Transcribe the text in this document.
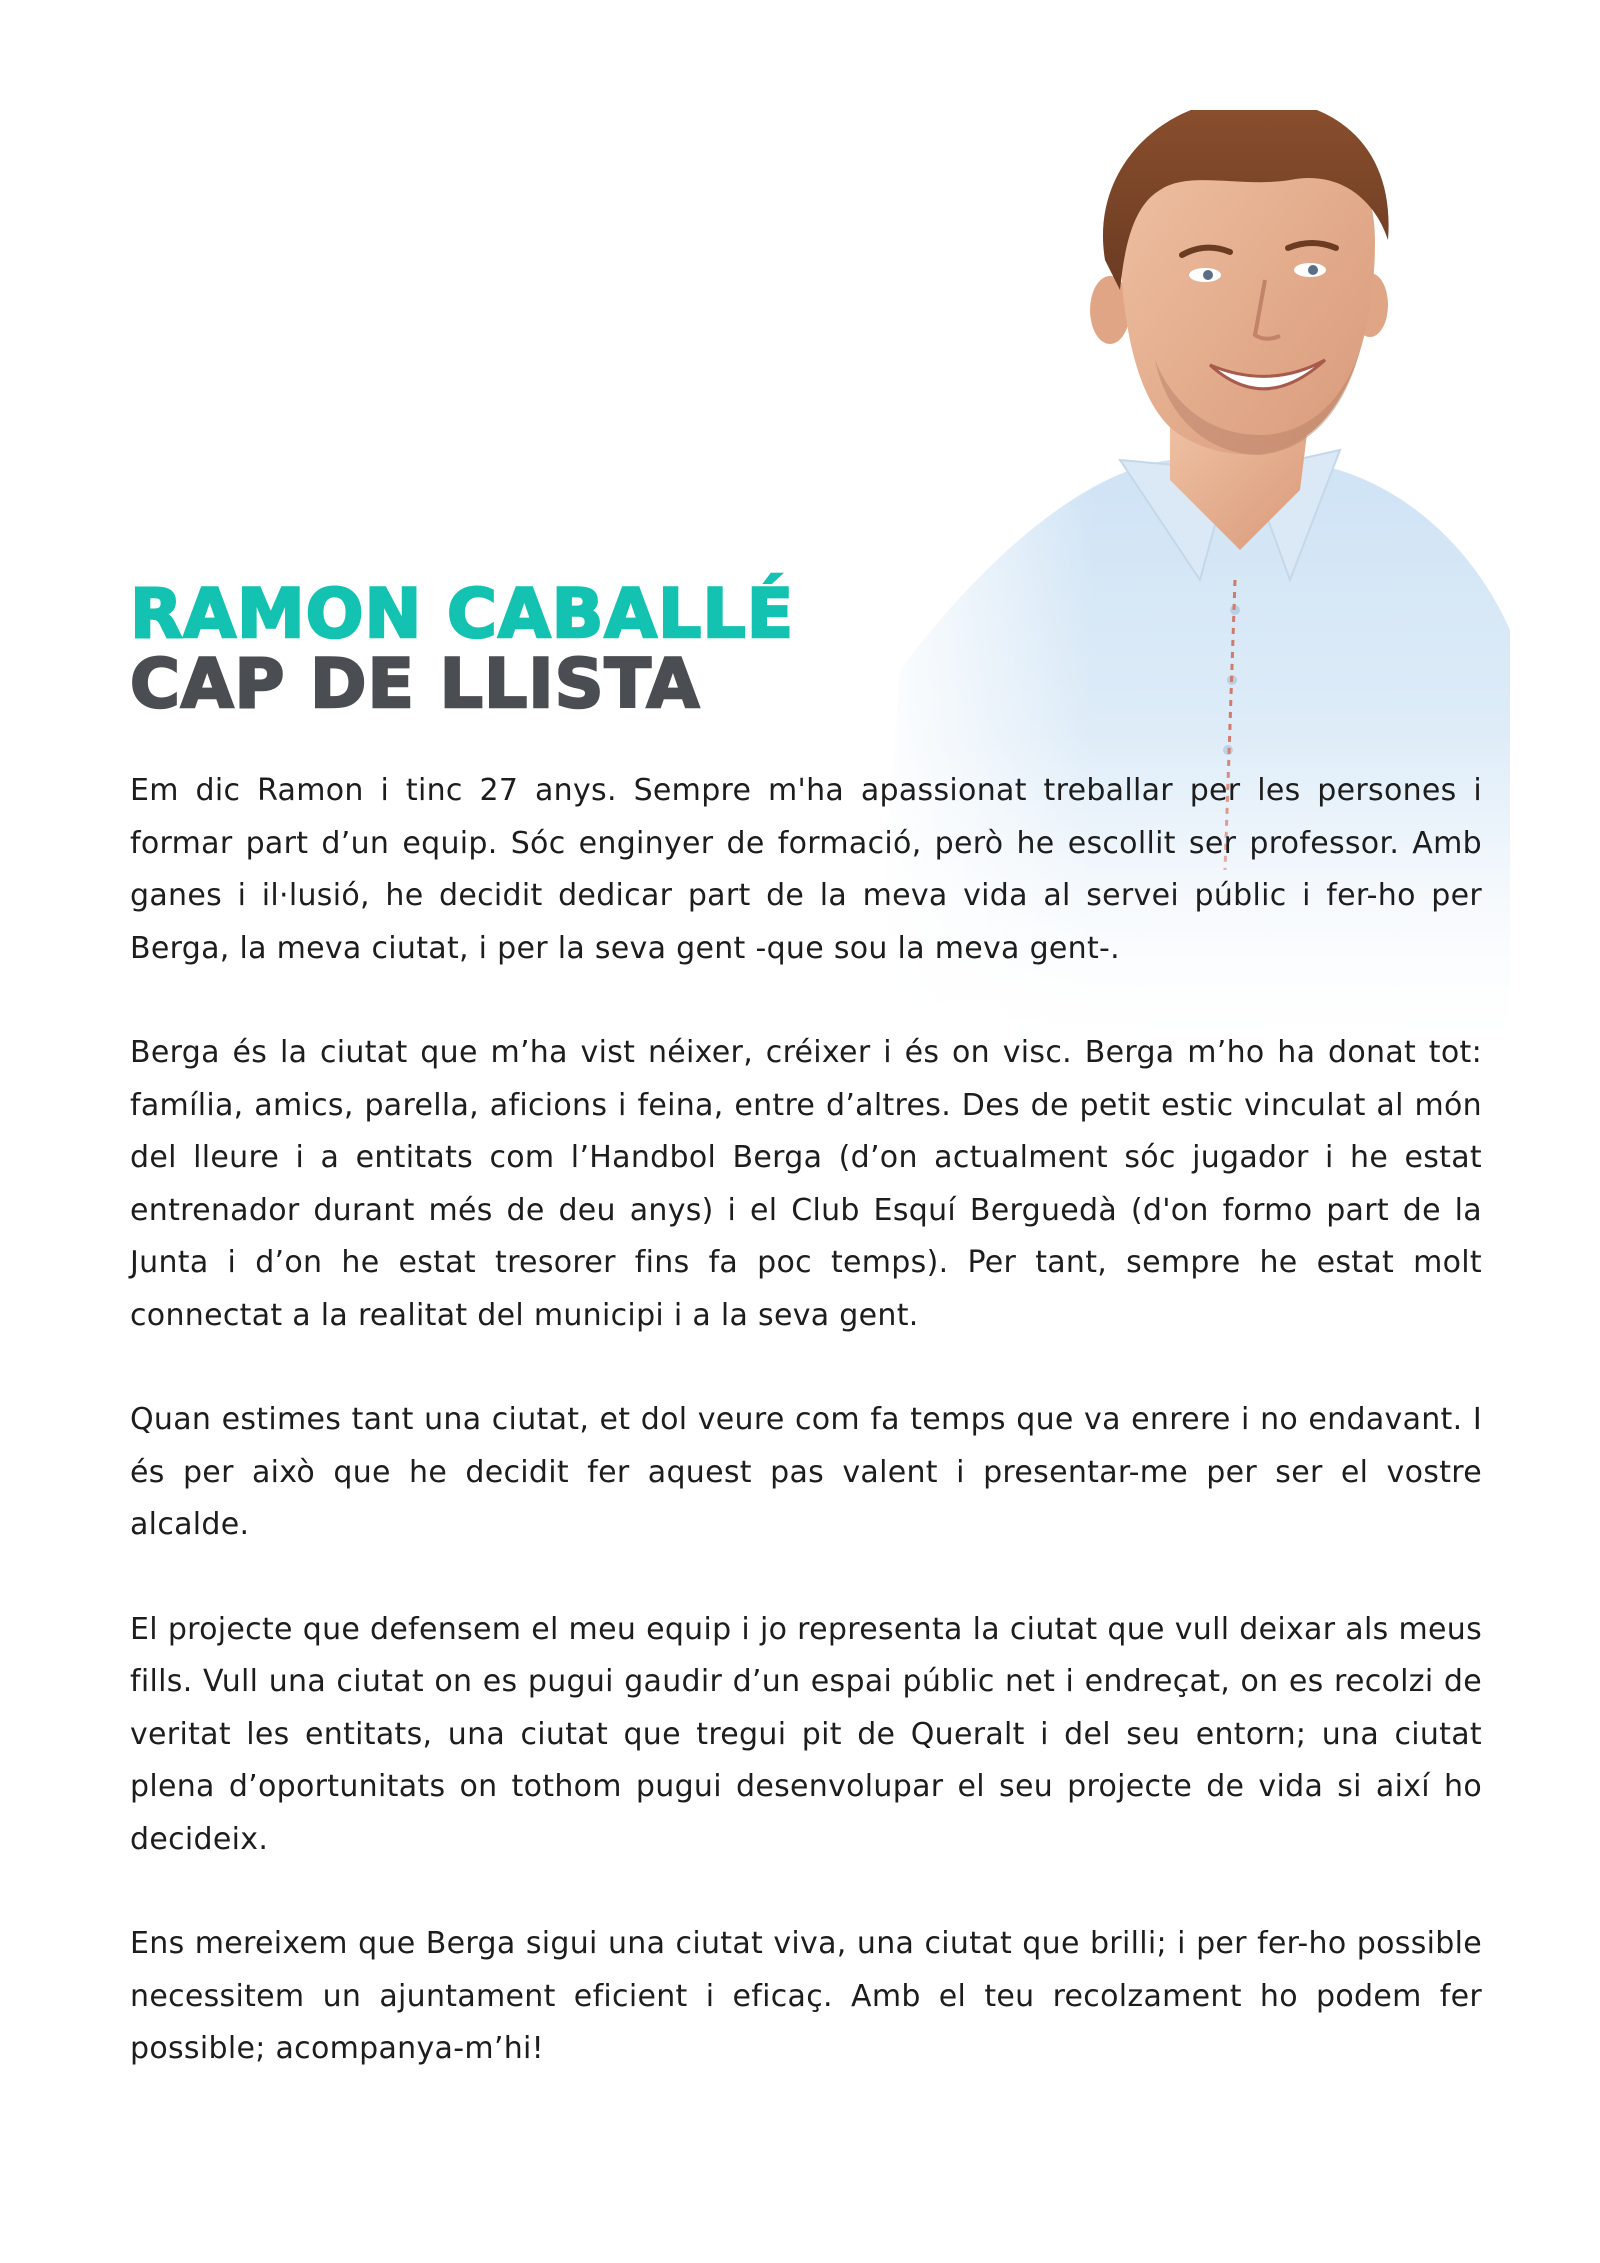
RAMON CABALLÉ
CAP DE LLISTA

Em dic Ramon i tinc 27 anys. Sempre m'ha apassionat treballar per les persones i formar part d’un equip. Sóc enginyer de formació, però he escollit ser professor. Amb ganes i il·lusió, he decidit dedicar part de la meva vida al servei públic i fer-ho per Berga, la meva ciutat, i per la seva gent -que sou la meva gent-.

Berga és la ciutat que m’ha vist néixer, créixer i és on visc. Berga m’ho ha donat tot: família, amics, parella, aficions i feina, entre d’altres. Des de petit estic vinculat al món del lleure i a entitats com l’Handbol Berga (d’on actualment sóc jugador i he estat entrenador durant més de deu anys) i el Club Esquí Berguedà (d'on formo part de la Junta i d’on he estat tresorer fins fa poc temps). Per tant, sempre he estat molt connectat a la realitat del municipi i a la seva gent.

Quan estimes tant una ciutat, et dol veure com fa temps que va enrere i no endavant. I és per això que he decidit fer aquest pas valent i presentar-me per ser el vostre alcalde.

El projecte que defensem el meu equip i jo representa la ciutat que vull deixar als meus fills. Vull una ciutat on es pugui gaudir d’un espai públic net i endreçat, on es recolzi de veritat les entitats, una ciutat que tregui pit de Queralt i del seu entorn; una ciutat plena d’oportunitats on tothom pugui desenvolupar el seu projecte de vida si així ho decideix.

Ens mereixem que Berga sigui una ciutat viva, una ciutat que brilli; i per fer-ho possible necessitem un ajuntament eficient i eficaç. Amb el teu recolzament ho podem fer possible; acompanya-m’hi!
